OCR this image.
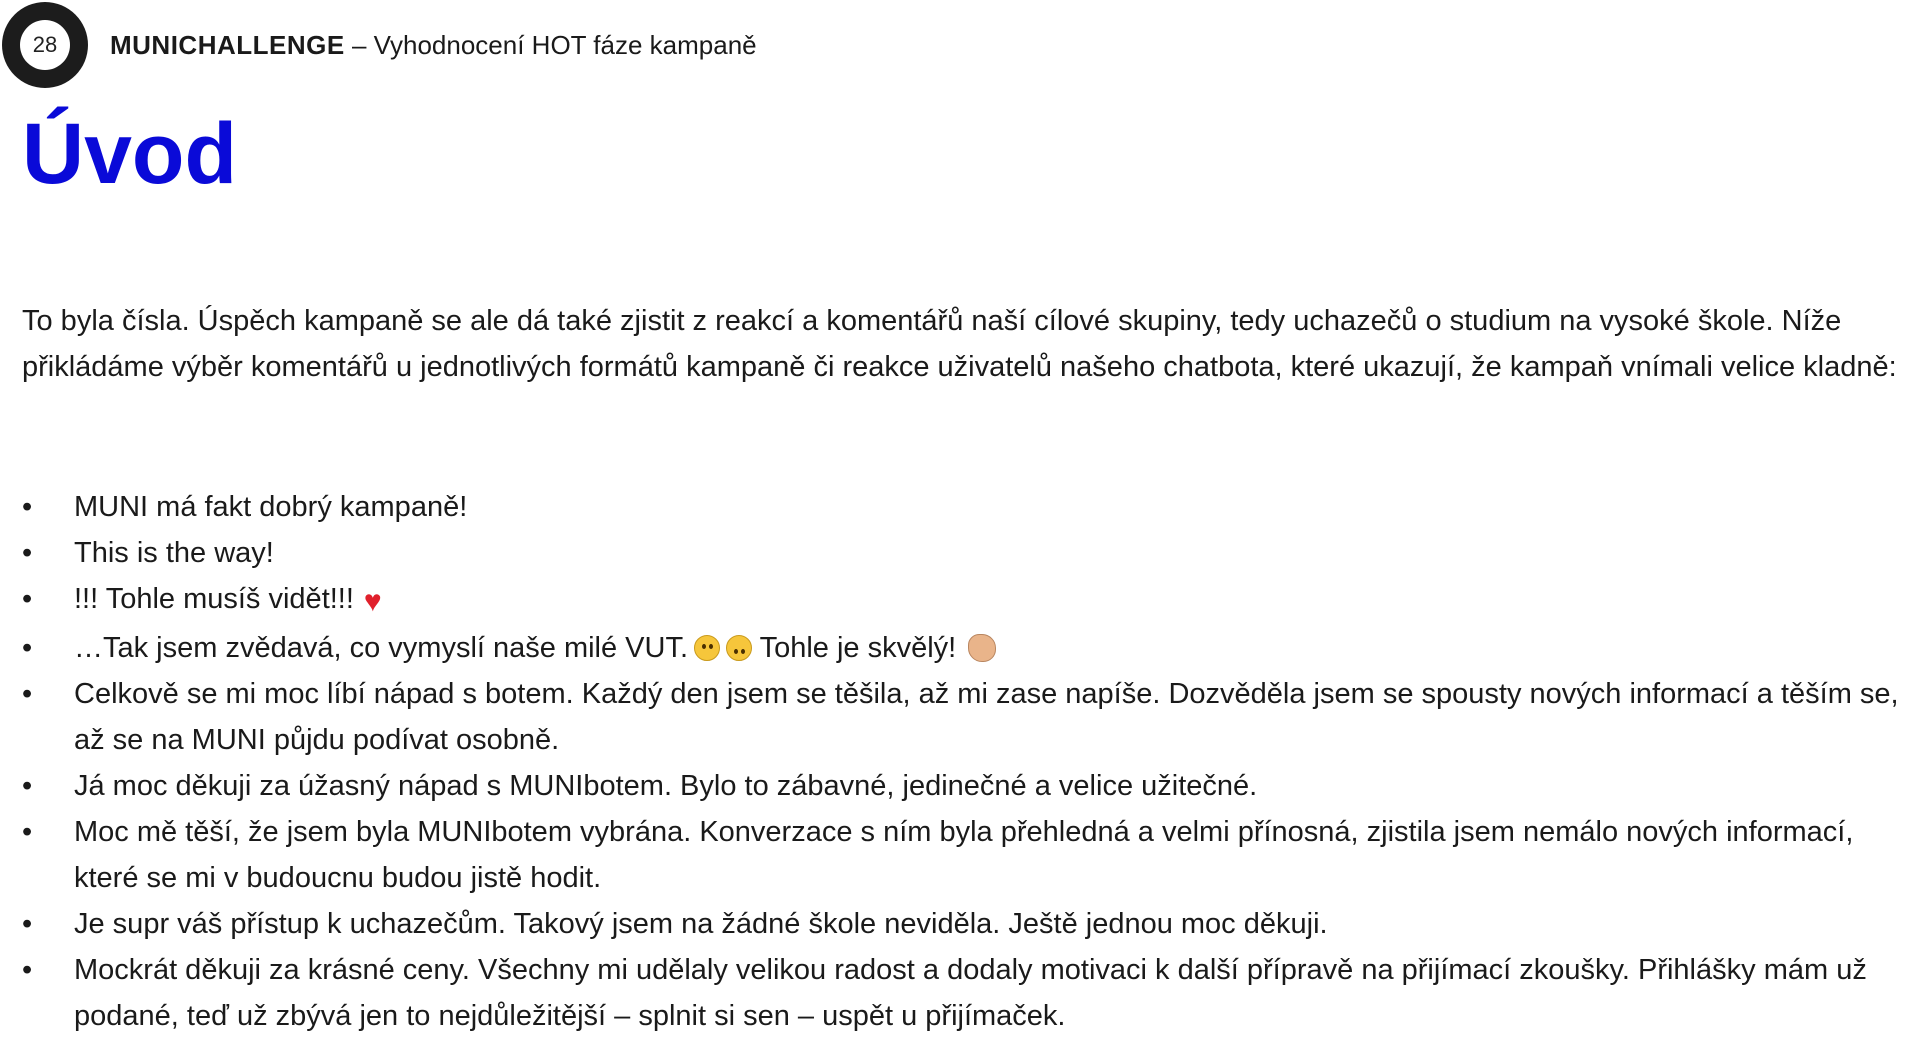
28	MUNICHALLENGE – Vyhodnocení HOT fáze kampaně
Úvod

To byla čísla. Úspěch kampaně se ale dá také zjistit z reakcí a komentářů naší cílové skupiny, tedy uchazečů o studium na vysoké škole. Níže přikládáme výběr komentářů u jednotlivých formátů kampaně či reakce uživatelů našeho chatbota, které ukazují, že kampaň vnímali velice kladně:

• MUNI má fakt dobrý kampaně!
• This is the way!
• !!! Tohle musíš vidět!!! ♥
• …Tak jsem zvědavá, co vymyslí naše milé VUT. Tohle je skvělý!
• Celkově se mi moc líbí nápad s botem. Každý den jsem se těšila, až mi zase napíše. Dozvěděla jsem se spousty nových informací a těším se, až se na MUNI půjdu podívat osobně.
• Já moc děkuji za úžasný nápad s MUNIbotem. Bylo to zábavné, jedinečné a velice užitečné.
• Moc mě těší, že jsem byla MUNIbotem vybrána. Konverzace s ním byla přehledná a velmi přínosná, zjistila jsem nemálo nových informací, které se mi v budoucnu budou jistě hodit.
• Je supr váš přístup k uchazečům. Takový jsem na žádné škole neviděla. Ještě jednou moc děkuji.
• Mockrát děkuji za krásné ceny. Všechny mi udělaly velikou radost a dodaly motivaci k další přípravě na přijímací zkoušky. Přihlášky mám už podané, teď už zbývá jen to nejdůležitější – splnit si sen – uspět u přijímaček.
